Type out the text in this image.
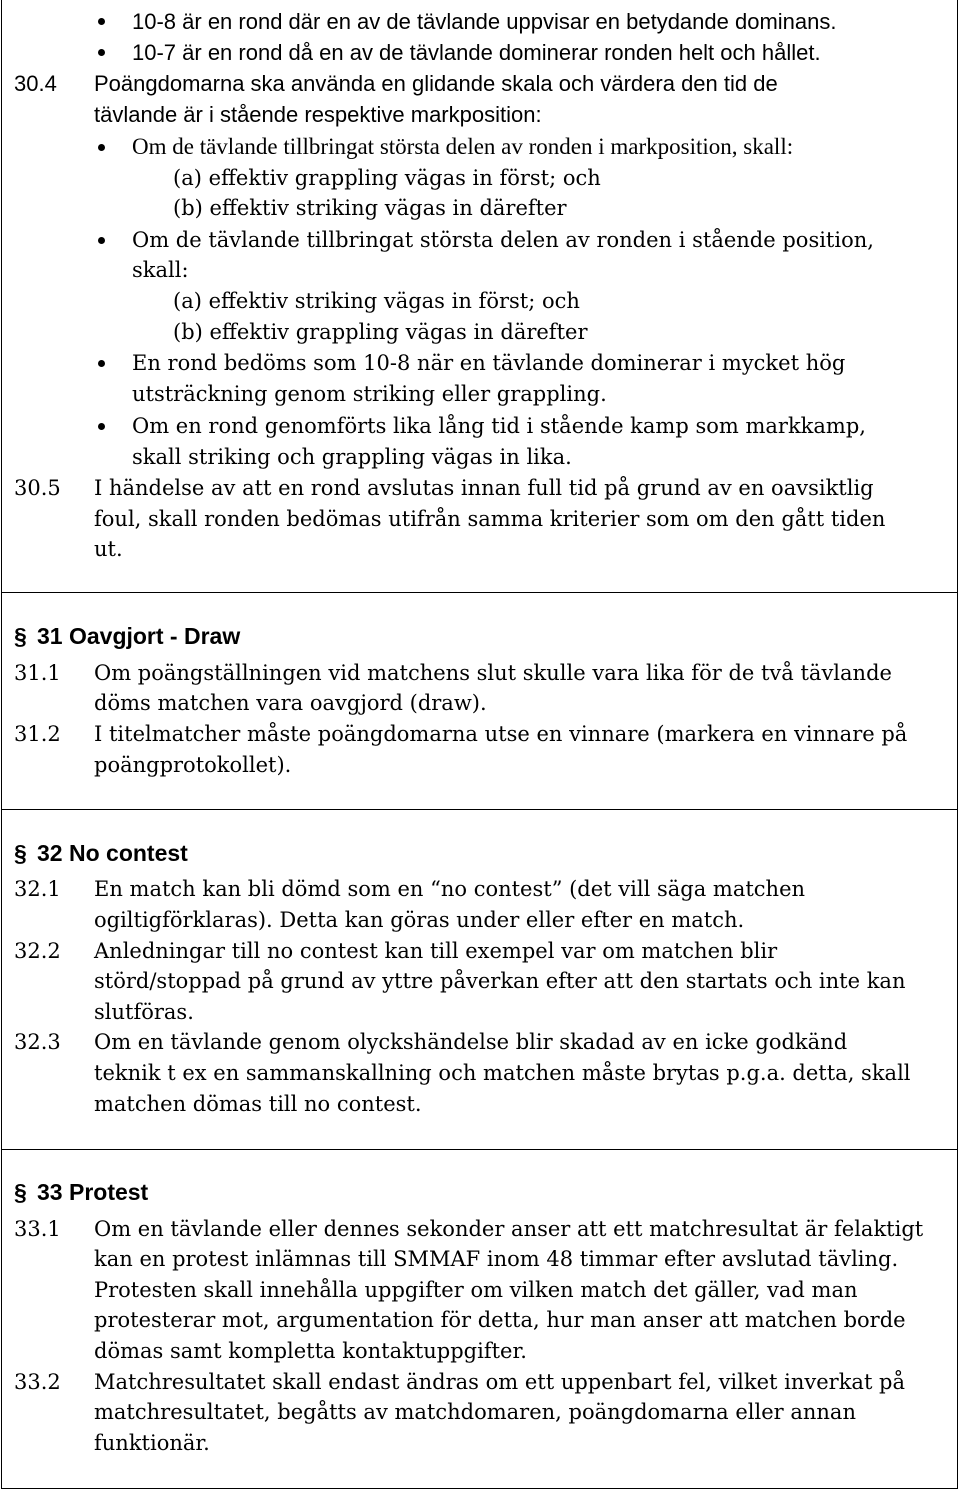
10-8 är en rond där en av de tävlande uppvisar en betydande dominans.
10-7 är en rond då en av de tävlande dominerar ronden helt och hållet.
30.4 Poängdomarna ska använda en glidande skala och värdera den tid de
tävlande är i stående respektive markposition:
Om de tävlande tillbringat största delen av ronden i markposition, skall:
(a) effektiv grappling vägas in först; och
(b) effektiv striking vägas in därefter
Om de tävlande tillbringat största delen av ronden i stående position,
skall:
(a) effektiv striking vägas in först; och
(b) effektiv grappling vägas in därefter
En rond bedöms som 10-8 när en tävlande dominerar i mycket hög
utsträckning genom striking eller grappling.
Om en rond genomförts lika lång tid i stående kamp som markkamp,
skall striking och grappling vägas in lika.
30.5 I händelse av att en rond avslutas innan full tid på grund av en oavsiktlig
foul, skall ronden bedömas utifrån samma kriterier som om den gått tiden
ut.
§ 31 Oavgjort - Draw
31.1 Om poängställningen vid matchens slut skulle vara lika för de två tävlande
döms matchen vara oavgjord (draw).
31.2 I titelmatcher måste poängdomarna utse en vinnare (markera en vinnare på
poängprotokollet).
§ 32 No contest
32.1 En match kan bli dömd som en “no contest” (det vill säga matchen
ogiltigförklaras). Detta kan göras under eller efter en match.
32.2 Anledningar till no contest kan till exempel var om matchen blir
störd/stoppad på grund av yttre påverkan efter att den startats och inte kan
slutföras.
32.3 Om en tävlande genom olyckshändelse blir skadad av en icke godkänd
teknik t ex en sammanskallning och matchen måste brytas p.g.a. detta, skall
matchen dömas till no contest.
§ 33 Protest
33.1 Om en tävlande eller dennes sekonder anser att ett matchresultat är felaktigt
kan en protest inlämnas till SMMAF inom 48 timmar efter avslutad tävling.
Protesten skall innehålla uppgifter om vilken match det gäller, vad man
protesterar mot, argumentation för detta, hur man anser att matchen borde
dömas samt kompletta kontaktuppgifter.
33.2 Matchresultatet skall endast ändras om ett uppenbart fel, vilket inverkat på
matchresultatet, begåtts av matchdomaren, poängdomarna eller annan
funktionär.
